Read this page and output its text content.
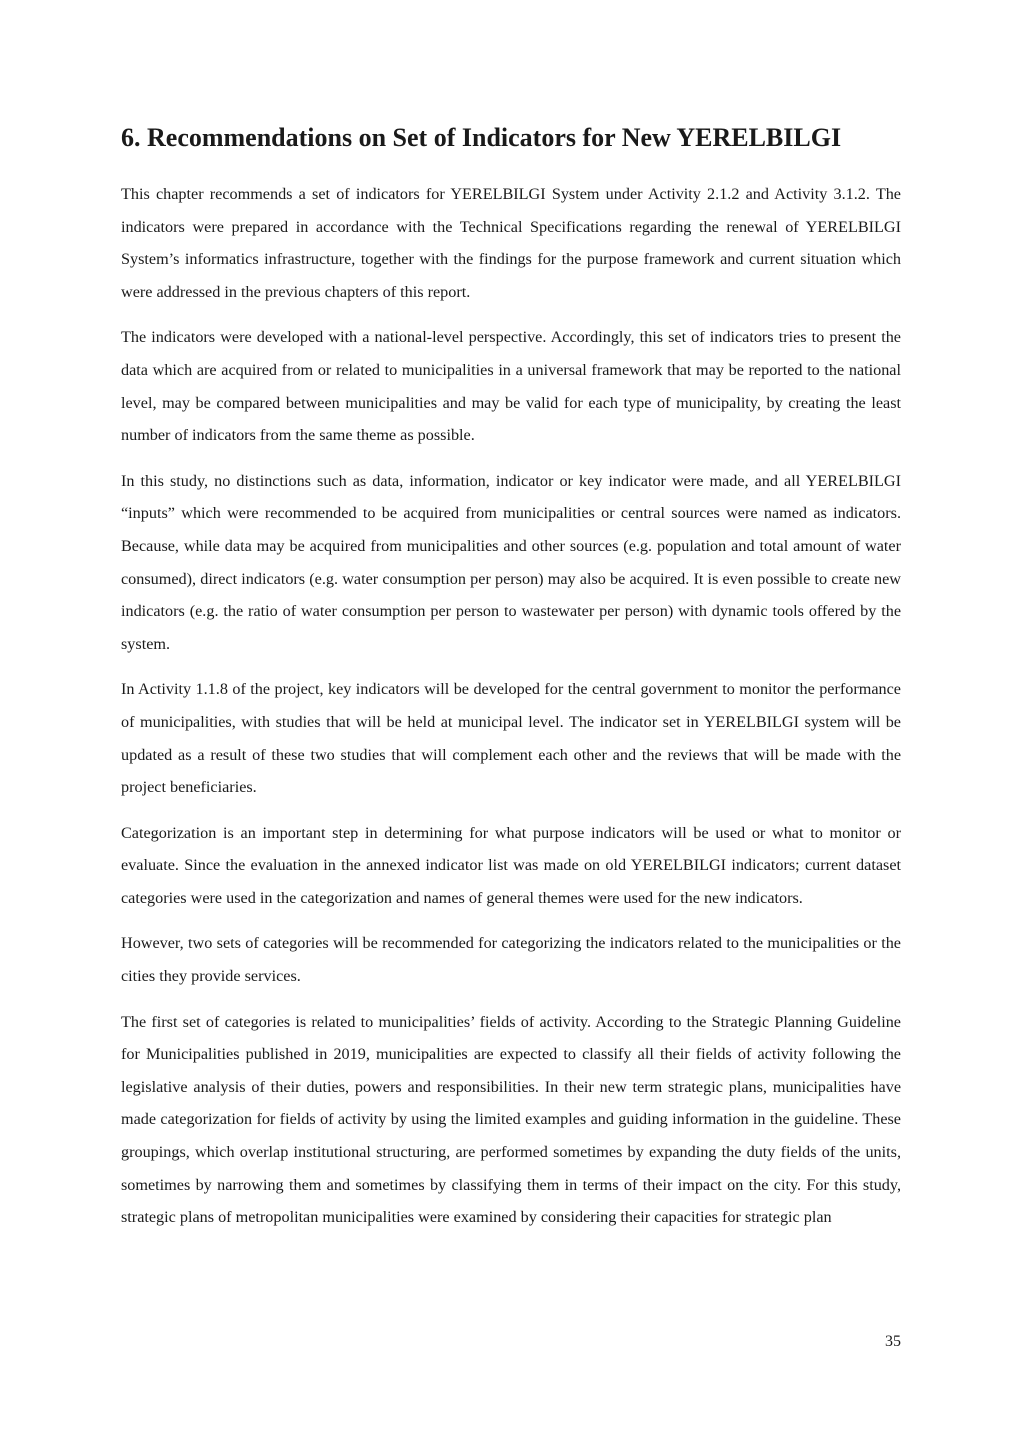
6. Recommendations on Set of Indicators for New YERELBILGI

This chapter recommends a set of indicators for YERELBILGI System under Activity 2.1.2 and Activity 3.1.2. The indicators were prepared in accordance with the Technical Specifications regarding the renewal of YERELBILGI System’s informatics infrastructure, together with the findings for the purpose framework and current situation which were addressed in the previous chapters of this report.

The indicators were developed with a national-level perspective. Accordingly, this set of indicators tries to present the data which are acquired from or related to municipalities in a universal framework that may be reported to the national level, may be compared between municipalities and may be valid for each type of municipality, by creating the least number of indicators from the same theme as possible.

In this study, no distinctions such as data, information, indicator or key indicator were made, and all YERELBILGI “inputs” which were recommended to be acquired from municipalities or central sources were named as indicators. Because, while data may be acquired from municipalities and other sources (e.g. population and total amount of water consumed), direct indicators (e.g. water consumption per person) may also be acquired. It is even possible to create new indicators (e.g. the ratio of water consumption per person to wastewater per person) with dynamic tools offered by the system.

In Activity 1.1.8 of the project, key indicators will be developed for the central government to monitor the performance of municipalities, with studies that will be held at municipal level. The indicator set in YERELBILGI system will be updated as a result of these two studies that will complement each other and the reviews that will be made with the project beneficiaries.

Categorization is an important step in determining for what purpose indicators will be used or what to monitor or evaluate. Since the evaluation in the annexed indicator list was made on old YERELBILGI indicators; current dataset categories were used in the categorization and names of general themes were used for the new indicators.

However, two sets of categories will be recommended for categorizing the indicators related to the municipalities or the cities they provide services.

The first set of categories is related to municipalities’ fields of activity. According to the Strategic Planning Guideline for Municipalities published in 2019, municipalities are expected to classify all their fields of activity following the legislative analysis of their duties, powers and responsibilities. In their new term strategic plans, municipalities have made categorization for fields of activity by using the limited examples and guiding information in the guideline. These groupings, which overlap institutional structuring, are performed sometimes by expanding the duty fields of the units, sometimes by narrowing them and sometimes by classifying them in terms of their impact on the city. For this study, strategic plans of metropolitan municipalities were examined by considering their capacities for strategic plan

35
